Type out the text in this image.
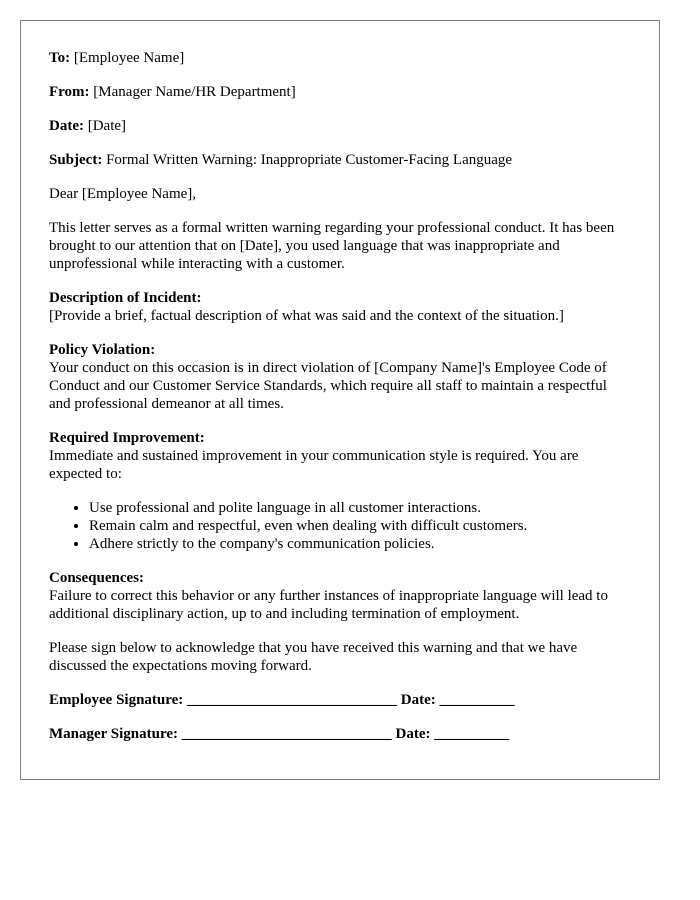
To: [Employee Name]

From: [Manager Name/HR Department]

Date: [Date]

Subject: Formal Written Warning: Inappropriate Customer-Facing Language

Dear [Employee Name],

This letter serves as a formal written warning regarding your professional conduct. It has been brought to our attention that on [Date], you used language that was inappropriate and unprofessional while interacting with a customer.

Description of Incident:

[Provide a brief, factual description of what was said and the context of the situation.]

Policy Violation:

Your conduct on this occasion is in direct violation of [Company Name]'s Employee Code of Conduct and our Customer Service Standards, which require all staff to maintain a respectful and professional demeanor at all times.

Required Improvement:

Immediate and sustained improvement in your communication style is required. You are expected to:

• Use professional and polite language in all customer interactions.
• Remain calm and respectful, even when dealing with difficult customers.
• Adhere strictly to the company's communication policies.

Consequences:

Failure to correct this behavior or any further instances of inappropriate language will lead to additional disciplinary action, up to and including termination of employment.

Please sign below to acknowledge that you have received this warning and that we have discussed the expectations moving forward.

Employee Signature: ____________________________ Date: __________

Manager Signature: ____________________________ Date: __________
